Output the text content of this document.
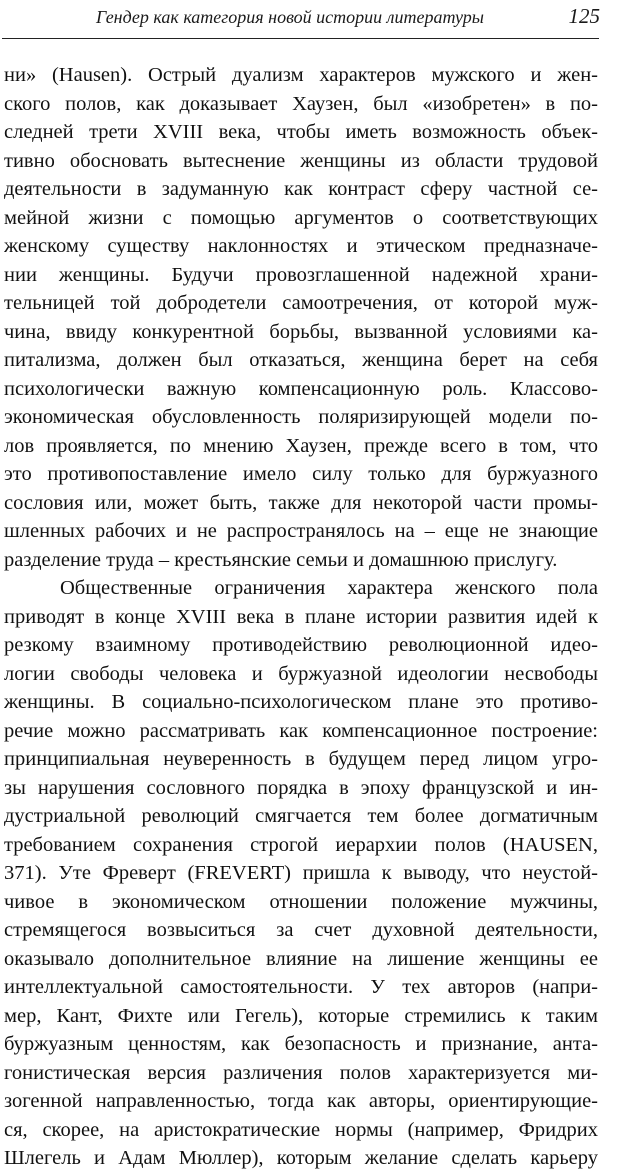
Гендер как категория новой истории литературы	125
ни» (Hausen). Острый дуализм характеров мужского и жен-
ского полов, как доказывает Хаузен, был «изобретен» в по-
следней трети XVIII века, чтобы иметь возможность объек-
тивно обосновать вытеснение женщины из области трудовой
деятельности в задуманную как контраст сферу частной се-
мейной жизни с помощью аргументов о соответствующих
женскому существу наклонностях и этическом предназначе-
нии женщины. Будучи провозглашенной надежной храни-
тельницей той добродетели самоотречения, от которой муж-
чина, ввиду конкурентной борьбы, вызванной условиями ка-
питализма, должен был отказаться, женщина берет на себя
психологически важную компенсационную роль. Классово-
экономическая обусловленность поляризирующей модели по-
лов проявляется, по мнению Хаузен, прежде всего в том, что
это противопоставление имело силу только для буржуазного
сословия или, может быть, также для некоторой части промы-
шленных рабочих и не распространялось на – еще не знающие
разделение труда – крестьянские семьи и домашнюю прислугу.
Общественные ограничения характера женского пола
приводят в конце XVIII века в плане истории развития идей к
резкому взаимному противодействию революционной идео-
логии свободы человека и буржуазной идеологии несвободы
женщины. В социально-психологическом плане это противо-
речие можно рассматривать как компенсационное построение:
принципиальная неуверенность в будущем перед лицом угро-
зы нарушения сословного порядка в эпоху французской и ин-
дустриальной революций смягчается тем более догматичным
требованием сохранения строгой иерархии полов (HAUSEN,
371). Уте Фреверт (FREVERT) пришла к выводу, что неустой-
чивое в экономическом отношении положение мужчины,
стремящегося возвыситься за счет духовной деятельности,
оказывало дополнительное влияние на лишение женщины ее
интеллектуальной самостоятельности. У тех авторов (напри-
мер, Кант, Фихте или Гегель), которые стремились к таким
буржуазным ценностям, как безопасность и признание, анта-
гонистическая версия различения полов характеризуется ми-
зогенной направленностью, тогда как авторы, ориентирующие-
ся, скорее, на аристократические нормы (например, Фридрих
Шлегель и Адам Мюллер), которым желание сделать карьеру
